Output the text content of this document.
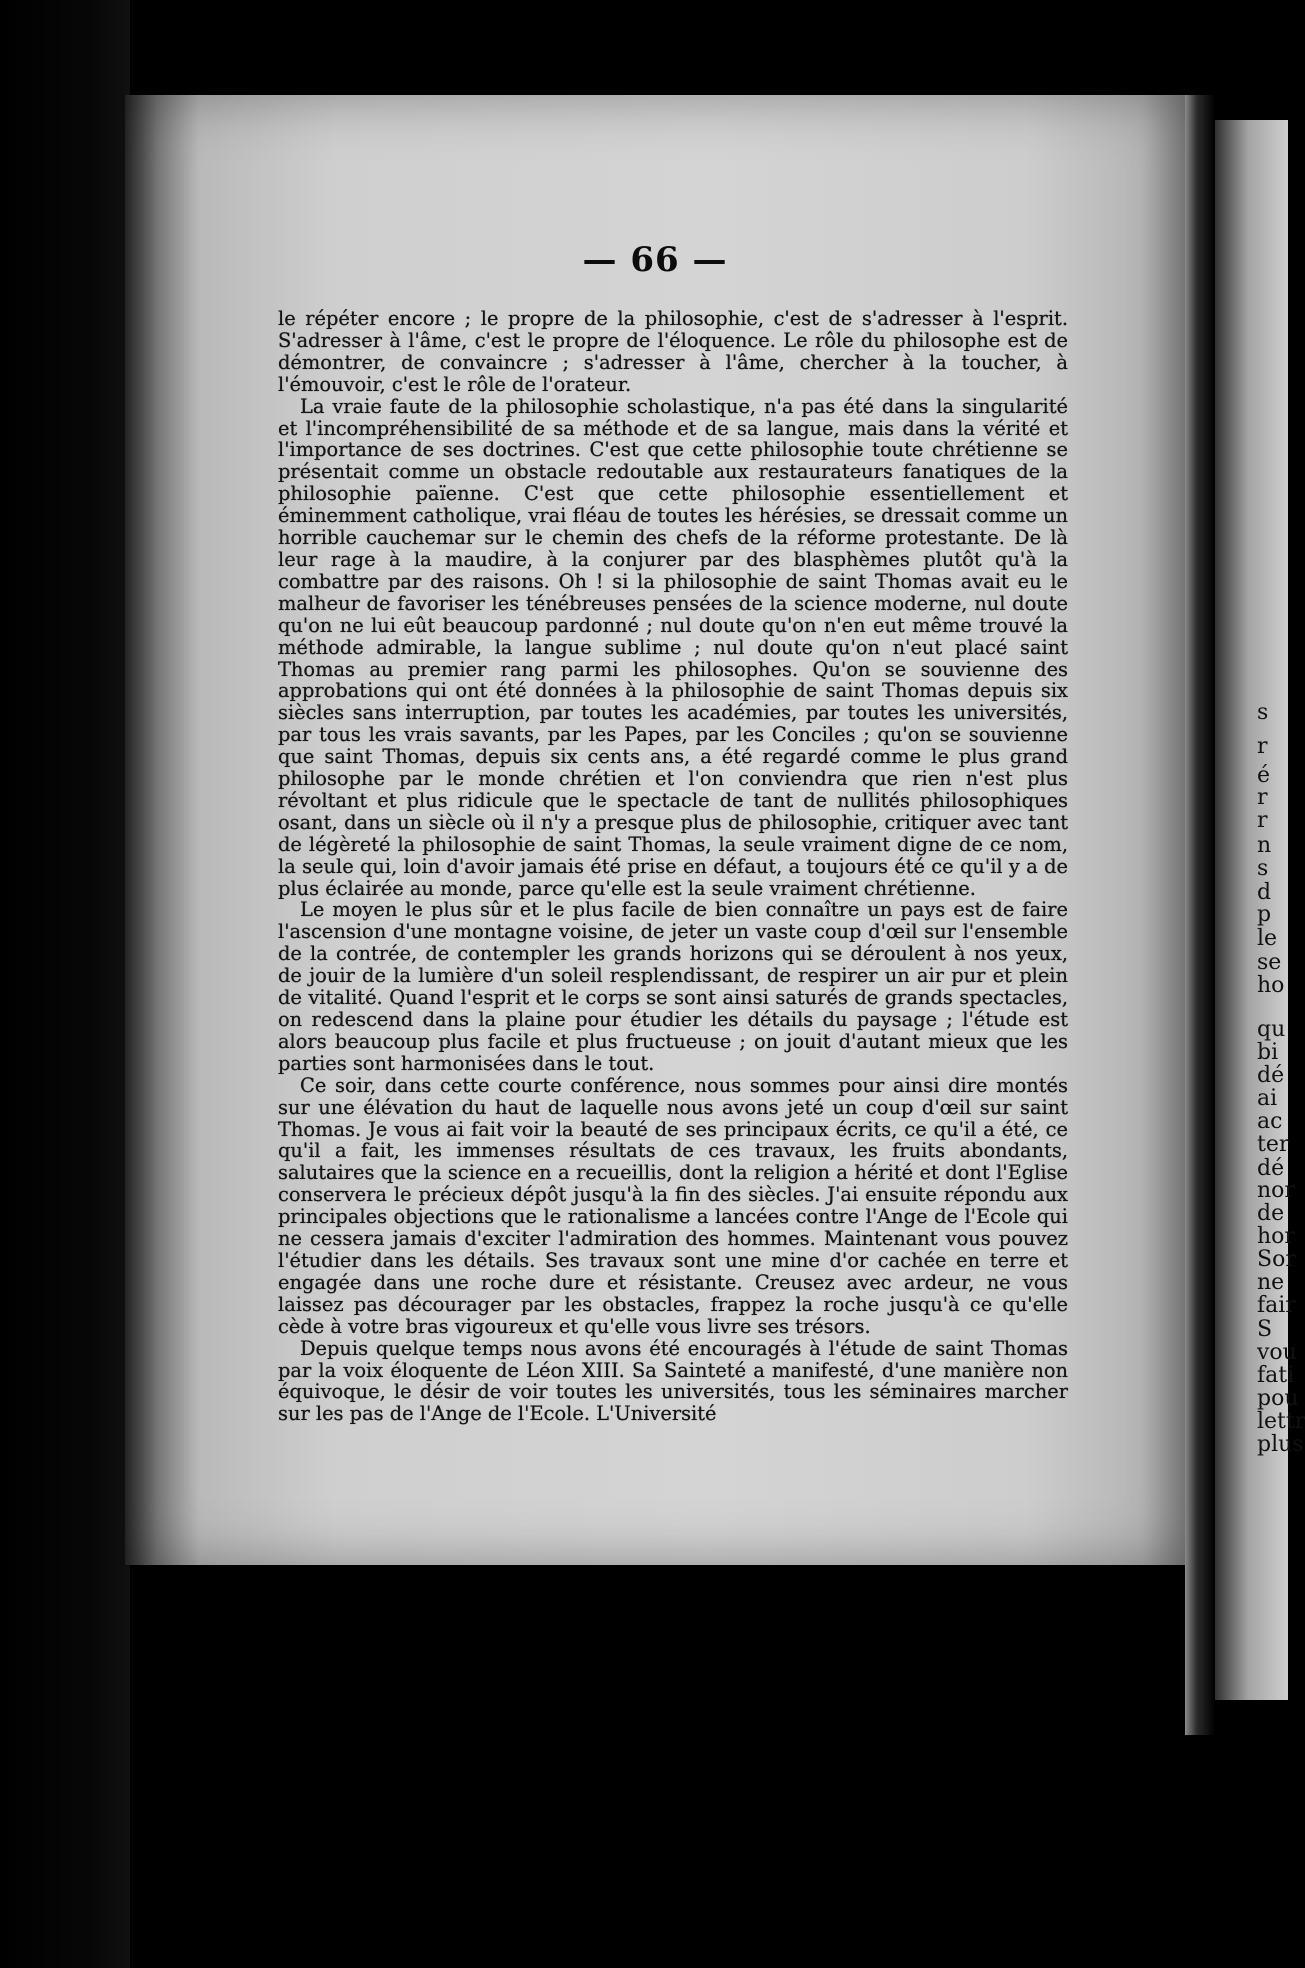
s
r
é
r
r
n
s
d
p
le
se
ho
qu
bi
dé
ai
ac
ter
dé
nor
de
hor
Sor
ne
fair
S
vou
fati
pou
lettr
plus
— 66 —

le répéter encore ; le propre de la philosophie, c'est de s'adresser à l'esprit. S'adresser à l'âme, c'est le propre de l'éloquence. Le rôle du philosophe est de démontrer, de convaincre ; s'adresser à l'âme, chercher à la toucher, à l'émouvoir, c'est le rôle de l'orateur.

La vraie faute de la philosophie scholastique, n'a pas été dans la singularité et l'incompréhensibilité de sa méthode et de sa langue, mais dans la vérité et l'importance de ses doctrines. C'est que cette philosophie toute chrétienne se présentait comme un obstacle redoutable aux restaurateurs fanatiques de la philosophie païenne. C'est que cette philosophie essentiellement et éminemment catholique, vrai fléau de toutes les hérésies, se dressait comme un horrible cauchemar sur le chemin des chefs de la réforme protestante. De là leur rage à la maudire, à la conjurer par des blasphèmes plutôt qu'à la combattre par des raisons. Oh ! si la philosophie de saint Thomas avait eu le malheur de favoriser les ténébreuses pensées de la science moderne, nul doute qu'on ne lui eût beaucoup pardonné ; nul doute qu'on n'en eut même trouvé la méthode admirable, la langue sublime ; nul doute qu'on n'eut placé saint Thomas au premier rang parmi les philosophes. Qu'on se souvienne des approbations qui ont été données à la philosophie de saint Thomas depuis six siècles sans interruption, par toutes les académies, par toutes les universités, par tous les vrais savants, par les Papes, par les Conciles ; qu'on se souvienne que saint Thomas, depuis six cents ans, a été regardé comme le plus grand philosophe par le monde chrétien et l'on conviendra que rien n'est plus révoltant et plus ridicule que le spectacle de tant de nullités philosophiques osant, dans un siècle où il n'y a presque plus de philosophie, critiquer avec tant de légèreté la philosophie de saint Thomas, la seule vraiment digne de ce nom, la seule qui, loin d'avoir jamais été prise en défaut, a toujours été ce qu'il y a de plus éclairée au monde, parce qu'elle est la seule vraiment chrétienne.

Le moyen le plus sûr et le plus facile de bien connaître un pays est de faire l'ascension d'une montagne voisine, de jeter un vaste coup d'œil sur l'ensemble de la contrée, de contempler les grands horizons qui se déroulent à nos yeux, de jouir de la lumière d'un soleil resplendissant, de respirer un air pur et plein de vitalité. Quand l'esprit et le corps se sont ainsi saturés de grands spectacles, on redescend dans la plaine pour étudier les détails du paysage ; l'étude est alors beaucoup plus facile et plus fructueuse ; on jouit d'autant mieux que les parties sont harmonisées dans le tout.

Ce soir, dans cette courte conférence, nous sommes pour ainsi dire montés sur une élévation du haut de laquelle nous avons jeté un coup d'œil sur saint Thomas. Je vous ai fait voir la beauté de ses principaux écrits, ce qu'il a été, ce qu'il a fait, les immenses résultats de ces travaux, les fruits abondants, salutaires que la science en a recueillis, dont la religion a hérité et dont l'Eglise conservera le précieux dépôt jusqu'à la fin des siècles. J'ai ensuite répondu aux principales objections que le rationalisme a lancées contre l'Ange de l'Ecole qui ne cessera jamais d'exciter l'admiration des hommes. Maintenant vous pouvez l'étudier dans les détails. Ses travaux sont une mine d'or cachée en terre et engagée dans une roche dure et résistante. Creusez avec ardeur, ne vous laissez pas décourager par les obstacles, frappez la roche jusqu'à ce qu'elle cède à votre bras vigoureux et qu'elle vous livre ses trésors.

Depuis quelque temps nous avons été encouragés à l'étude de saint Thomas par la voix éloquente de Léon XIII. Sa Sainteté a manifesté, d'une manière non équivoque, le désir de voir toutes les universités, tous les séminaires marcher sur les pas de l'Ange de l'Ecole. L'Université
